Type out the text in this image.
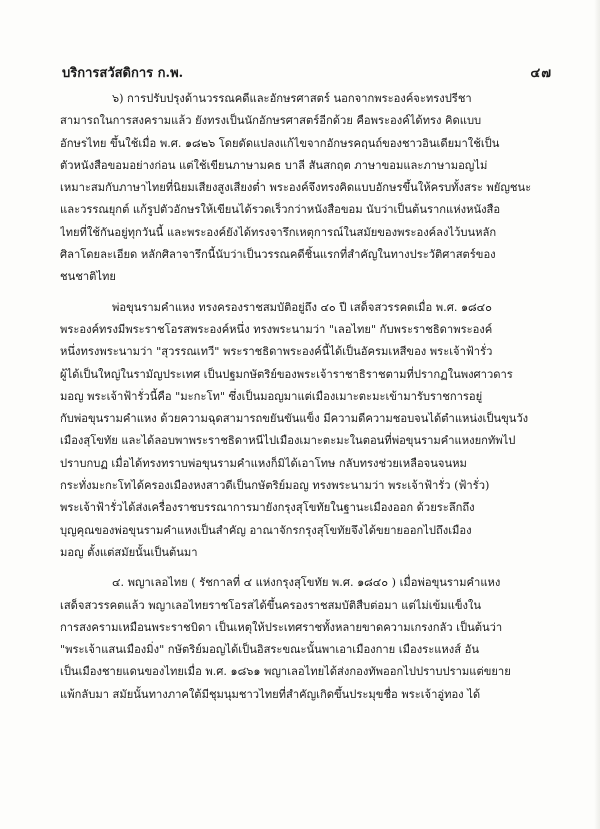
บริการสวัสดิการ ก.พ.	๔๗

๖) การปรับปรุงด้านวรรณคดีและอักษรศาสตร์ นอกจากพระองค์จะทรงปรีชา
สามารถในการสงครามแล้ว ยังทรงเป็นนักอักษรศาสตร์อีกด้วย คือพระองค์ได้ทรง คิดแบบ
อักษรไทย ขึ้นใช้เมื่อ พ.ศ. ๑๘๒๖ โดยดัดแปลงแก้ไขจากอักษรคฤนถ์ของชาวอินเดียมาใช้เป็น
ตัวหนังสือขอมอย่างก่อน แต่ใช้เขียนภาษามคธ บาลี สันสกฤต ภาษาขอมและภาษามอญไม่
เหมาะสมกับภาษาไทยที่นิยมเสียงสูงเสียงต่ำ พระองค์จึงทรงคิดแบบอักษรขึ้นให้ครบทั้งสระ พยัญชนะ
และวรรณยุกต์ แก้รูปตัวอักษรให้เขียนได้รวดเร็วกว่าหนังสือขอม นับว่าเป็นต้นรากแห่งหนังสือ
ไทยที่ใช้กันอยู่ทุกวันนี้ และพระองค์ยังได้ทรงจารึกเหตุการณ์ในสมัยของพระองค์ลงไว้บนหลัก
ศิลาโดยละเอียด หลักศิลาจารึกนี้นับว่าเป็นวรรณคดีชิ้นแรกที่สำคัญในทางประวัติศาสตร์ของ
ชนชาติไทย

พ่อขุนรามคำแหง ทรงครองราชสมบัติอยู่ถึง ๔๐ ปี เสด็จสวรรคตเมื่อ พ.ศ. ๑๘๔๐
พระองค์ทรงมีพระราชโอรสพระองค์หนึ่ง ทรงพระนามว่า "เลอไทย" กับพระราชธิดาพระองค์
หนึ่งทรงพระนามว่า "สุวรรณเทวี" พระราชธิดาพระองค์นี้ได้เป็นอัครมเหสีของ พระเจ้าฟ้ารั่ว
ผู้ได้เป็นใหญ่ในรามัญประเทศ เป็นปฐมกษัตริย์ของพระเจ้าราชาธิราชตามที่ปรากฏในพงศาวดาร
มอญ พระเจ้าฟ้ารั่วนี้คือ "มะกะโท" ซึ่งเป็นมอญมาแต่เมืองเมาะตะมะเข้ามารับราชการอยู่
กับพ่อขุนรามคำแหง ด้วยความฉุดสามารถขยันขันแข็ง มีความดีความชอบจนได้ตำแหน่งเป็นขุนวัง
เมืองสุโขทัย และได้ลอบพาพระราชธิดาหนีไปเมืองเมาะตะมะในตอนที่พ่อขุนรามคำแหงยกทัพไป
ปราบกบฏ เมื่อได้ทรงทราบพ่อขุนรามคำแหงก็มิได้เอาโทษ กลับทรงช่วยเหลือจนจนหม
กระทั่งมะกะโทได้ครองเมืองหงสาวดีเป็นกษัตริย์มอญ ทรงพระนามว่า พระเจ้าฟ้ารั่ว (ฟ้ารั่ว)
พระเจ้าฟ้ารั่วได้ส่งเครื่องราชบรรณาการมายังกรุงสุโขทัยในฐานะเมืองออก ด้วยระลึกถึง
บุญคุณของพ่อขุนรามคำแหงเป็นสำคัญ อาณาจักรกรุงสุโขทัยจึงได้ขยายออกไปถึงเมือง
มอญ ตั้งแต่สมัยนั้นเป็นต้นมา

๔. พญาเลอไทย ( รัชกาลที่ ๔ แห่งกรุงสุโขทัย พ.ศ. ๑๘๔๐ ) เมื่อพ่อขุนรามคำแหง
เสด็จสวรรคตแล้ว พญาเลอไทยราชโอรสได้ขึ้นครองราชสมบัติสืบต่อมา แต่ไม่เข้มแข็งใน
การสงครามเหมือนพระราชบิดา เป็นเหตุให้ประเทศราชทั้งหลายขาดความเกรงกลัว เป็นต้นว่า
"พระเจ้าแสนเมืองมิ่ง" กษัตริย์มอญได้เป็นอิสระขณะนั้นพาเอาเมืองกาย เมืองระแหงส์ อัน
เป็นเมืองชายแดนของไทยเมื่อ พ.ศ. ๑๘๖๑ พญาเลอไทยได้ส่งกองทัพออกไปปราบปรามแต่ขยาย
แพ้กลับมา สมัยนั้นทางภาคใต้มีชุมนุมชาวไทยที่สำคัญเกิดขึ้นประมุขชื่อ พระเจ้าอู่ทอง ได้
